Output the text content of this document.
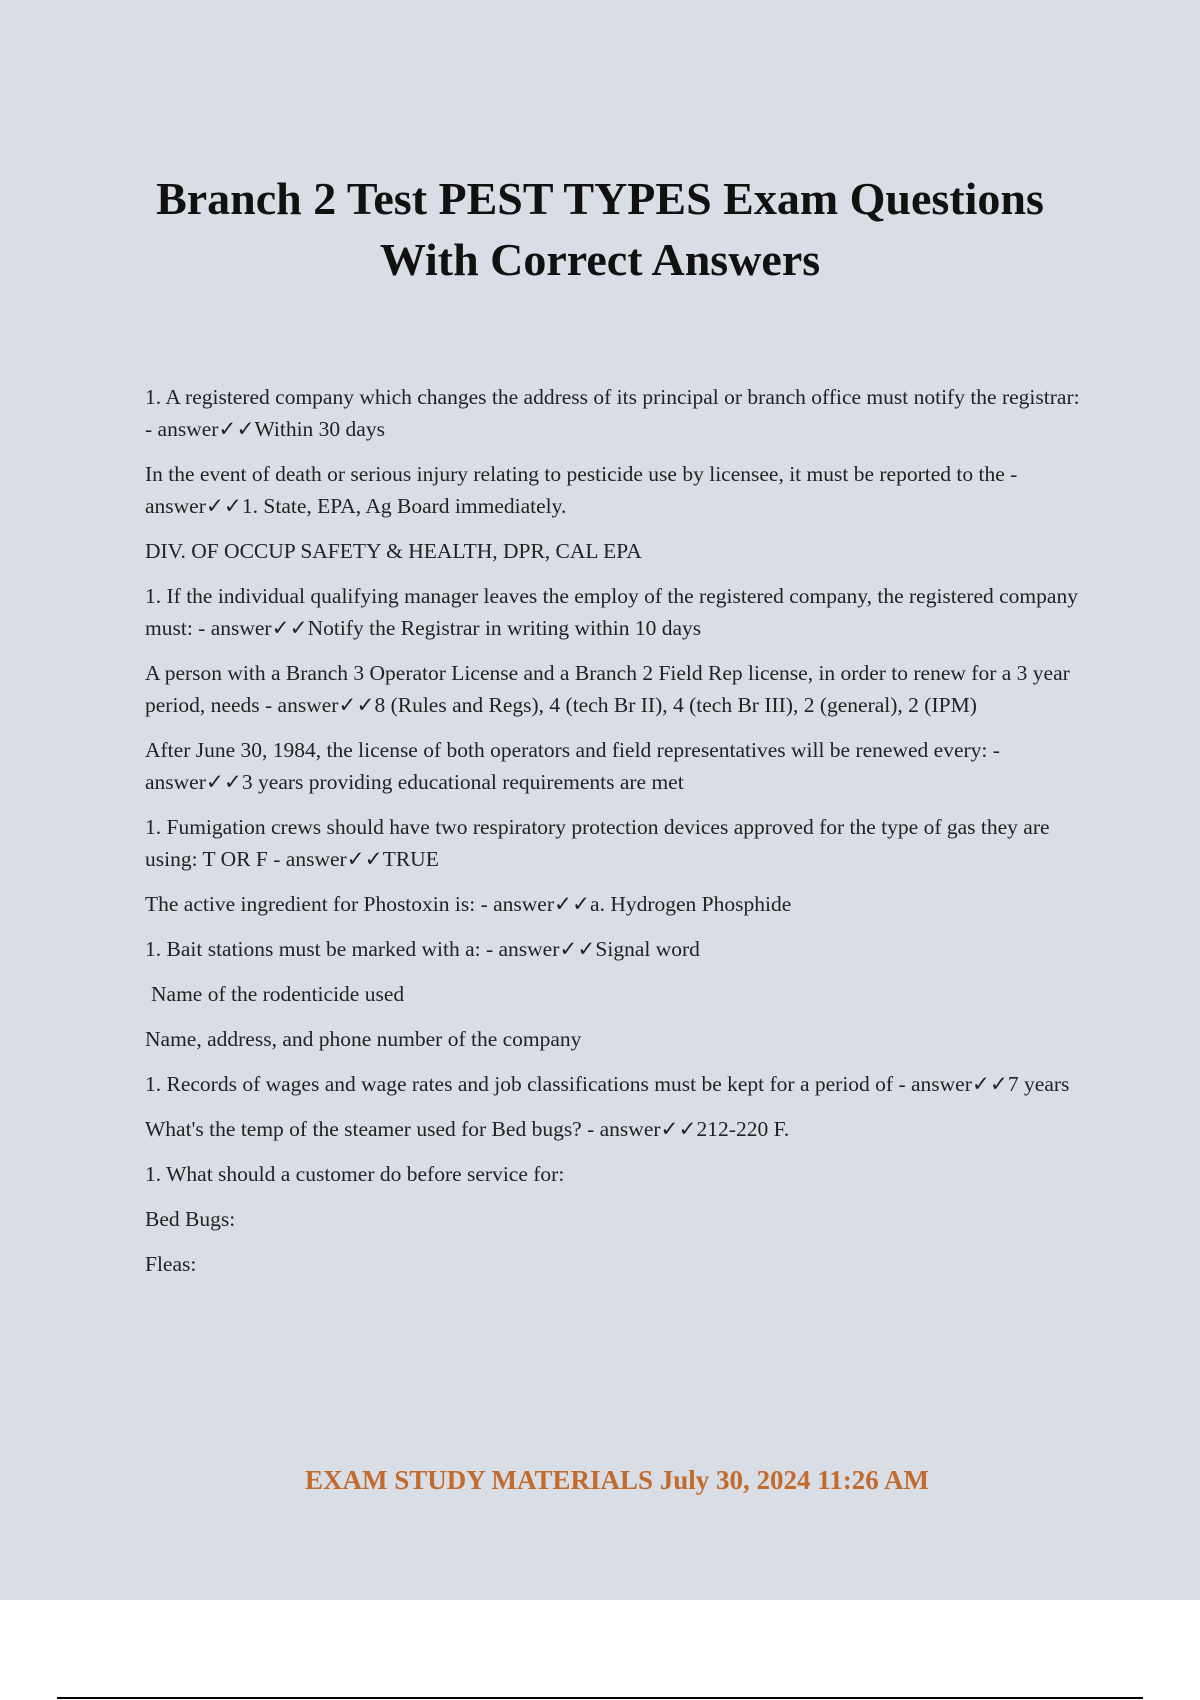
Branch 2 Test PEST TYPES Exam Questions
With Correct Answers

1. A registered company which changes the address of its principal or branch office must notify the registrar: - answer✓✓Within 30 days

In the event of death or serious injury relating to pesticide use by licensee, it must be reported to the - answer✓✓1. State, EPA, Ag Board immediately.

DIV. OF OCCUP SAFETY & HEALTH, DPR, CAL EPA

1. If the individual qualifying manager leaves the employ of the registered company, the registered company must: - answer✓✓Notify the Registrar in writing within 10 days

A person with a Branch 3 Operator License and a Branch 2 Field Rep license, in order to renew for a 3 year period, needs - answer✓✓8 (Rules and Regs), 4 (tech Br II), 4 (tech Br III), 2 (general), 2 (IPM)

After June 30, 1984, the license of both operators and field representatives will be renewed every: - answer✓✓3 years providing educational requirements are met

1. Fumigation crews should have two respiratory protection devices approved for the type of gas they are using: T OR F - answer✓✓TRUE

The active ingredient for Phostoxin is: - answer✓✓a. Hydrogen Phosphide

1. Bait stations must be marked with a: - answer✓✓Signal word

Name of the rodenticide used

Name, address, and phone number of the company

1. Records of wages and wage rates and job classifications must be kept for a period of - answer✓✓7 years

What's the temp of the steamer used for Bed bugs? - answer✓✓212-220 F.

1. What should a customer do before service for:

Bed Bugs:

Fleas:

EXAM STUDY MATERIALS July 30, 2024 11:26 AM
